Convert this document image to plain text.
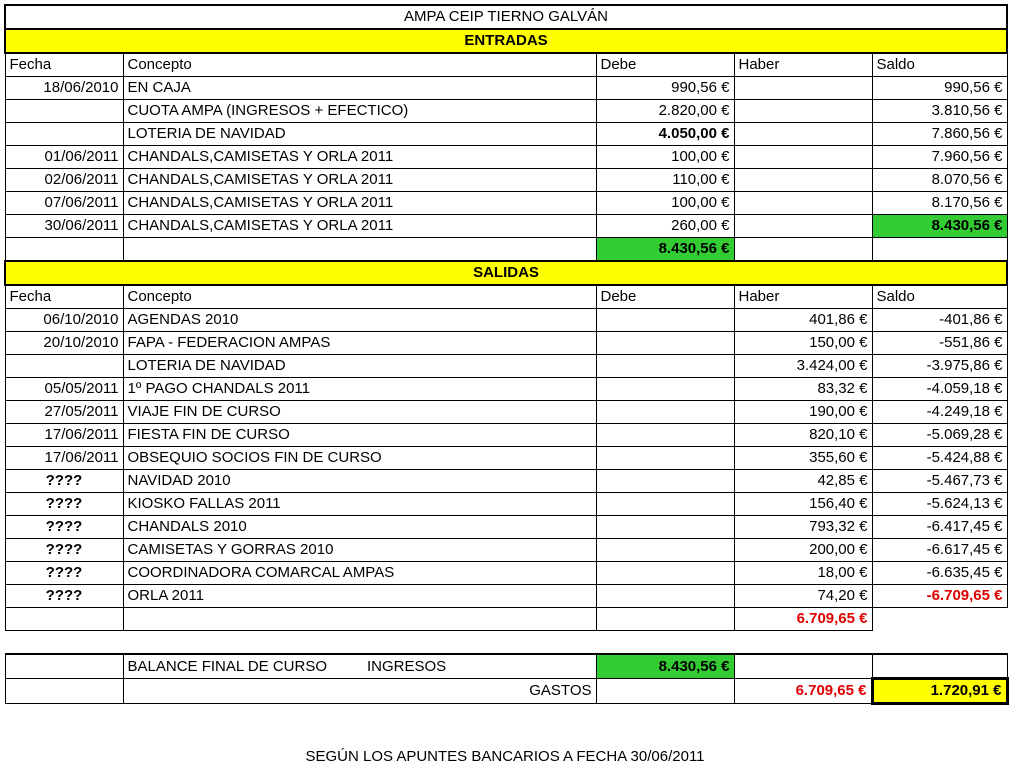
AMPA CEIP TIERNO GALVÁN				
ENTRADAS				
Fecha	Concepto	Debe	Haber	Saldo
18/06/2010	EN CAJA	990,56 €		990,56 €
	CUOTA AMPA (INGRESOS + EFECTICO)	2.820,00 €		3.810,56 €
	LOTERIA DE NAVIDAD	4.050,00 €		7.860,56 €
01/06/2011	CHANDALS,CAMISETAS Y ORLA 2011	100,00 €		7.960,56 €
02/06/2011	CHANDALS,CAMISETAS Y ORLA 2011	110,00 €		8.070,56 €
07/06/2011	CHANDALS,CAMISETAS Y ORLA 2011	100,00 €		8.170,56 €
30/06/2011	CHANDALS,CAMISETAS Y ORLA 2011	260,00 €		8.430,56 €
		8.430,56 €		
SALIDAS				
Fecha	Concepto	Debe	Haber	Saldo
06/10/2010	AGENDAS 2010		401,86 €	-401,86 €
20/10/2010	FAPA - FEDERACION AMPAS		150,00 €	-551,86 €
	LOTERIA DE NAVIDAD		3.424,00 €	-3.975,86 €
05/05/2011	1º PAGO CHANDALS 2011		83,32 €	-4.059,18 €
27/05/2011	VIAJE FIN DE CURSO		190,00 €	-4.249,18 €
17/06/2011	FIESTA FIN DE CURSO		820,10 €	-5.069,28 €
17/06/2011	OBSEQUIO SOCIOS FIN DE CURSO		355,60 €	-5.424,88 €
????	NAVIDAD 2010		42,85 €	-5.467,73 €
????	KIOSKO FALLAS 2011		156,40 €	-5.624,13 €
????	CHANDALS 2010		793,32 €	-6.417,45 €
????	CAMISETAS Y GORRAS 2010		200,00 €	-6.617,45 €
????	COORDINADORA COMARCAL AMPAS		18,00 €	-6.635,45 €
????	ORLA 2011		74,20 €	-6.709,65 €
			6.709,65 €	

	BALANCE FINAL DE CURSO INGRESOS	8.430,56 €		
	GASTOS		6.709,65 €	1.720,91 €
SEGÚN LOS APUNTES BANCARIOS A FECHA 30/06/2011
